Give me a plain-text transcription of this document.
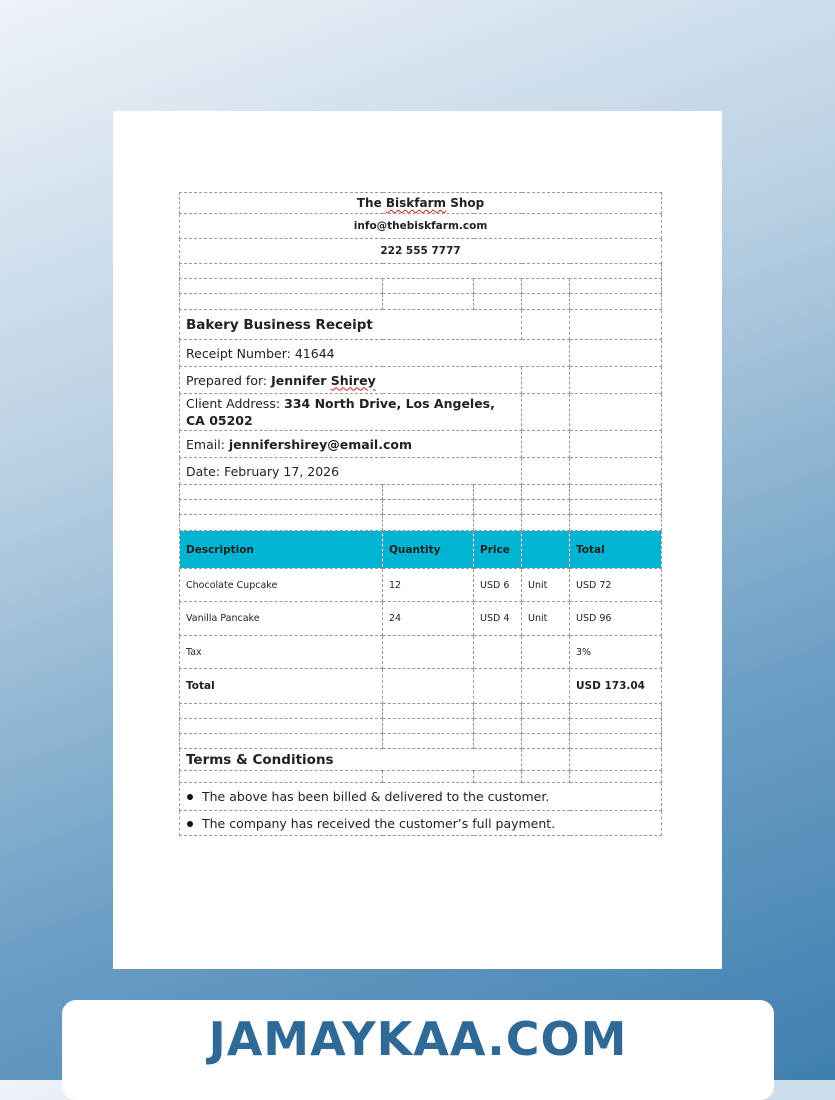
The Biskfarm Shop				
info@thebiskfarm.com				
222 555 7777				

Bakery Business Receipt				
Receipt Number: 41644				
Prepared for: Jennifer Shirey				
Client Address: 334 North Drive, Los Angeles, CA 05202				
Email: jennifershirey@email.com				
Date: February 17, 2026				

Description	Quantity	Price		Total
Chocolate Cupcake	12	USD 6	Unit	USD 72
Vanilla Pancake	24	USD 4	Unit	USD 96
Tax				3%
Total				USD 173.04

Terms & Conditions				

The above has been billed & delivered to the customer.				
The company has received the customer’s full payment.				
JAMAYKAA.COM
